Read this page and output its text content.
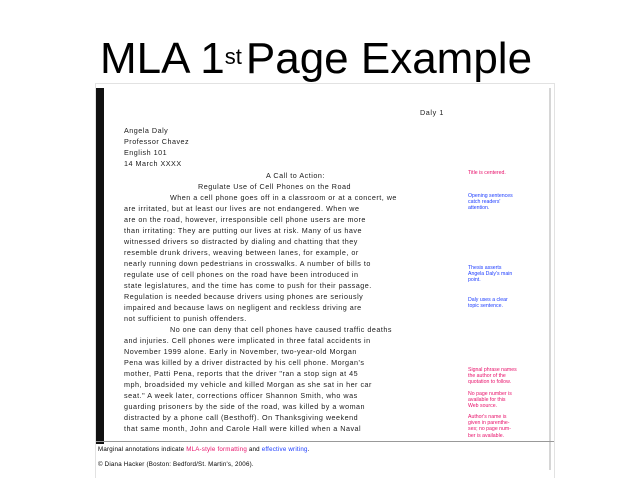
MLA 1stPage Example
Daly 1
Angela Daly
Professor Chavez
English 101
14 March XXXX
A Call to Action:
Regulate Use of Cell Phones on the Road
When a cell phone goes off in a classroom or at a concert, we
are irritated, but at least our lives are not endangered. When we
are on the road, however, irresponsible cell phone users are more
than irritating: They are putting our lives at risk. Many of us have
witnessed drivers so distracted by dialing and chatting that they
resemble drunk drivers, weaving between lanes, for example, or
nearly running down pedestrians in crosswalks. A number of bills to
regulate use of cell phones on the road have been introduced in
state legislatures, and the time has come to push for their passage.
Regulation is needed because drivers using phones are seriously
impaired and because laws on negligent and reckless driving are
not sufficient to punish offenders.
No one can deny that cell phones have caused traffic deaths
and injuries. Cell phones were implicated in three fatal accidents in
November 1999 alone. Early in November, two-year-old Morgan
Pena was killed by a driver distracted by his cell phone. Morgan's
mother, Patti Pena, reports that the driver "ran a stop sign at 45
mph, broadsided my vehicle and killed Morgan as she sat in her car
seat." A week later, corrections officer Shannon Smith, who was
guarding prisoners by the side of the road, was killed by a woman
distracted by a phone call (Besthoff). On Thanksgiving weekend
that same month, John and Carole Hall were killed when a Naval
Title is centered.
Opening sentences
catch readers'
attention.
Thesis asserts
Angela Daly's main
point.
Daly uses a clear
topic sentence.
Signal phrase names
the author of the
quotation to follow.
No page number is
available for this
Web source.
Author's name is
given in parenthe-
ses; no page num-
ber is available.
Marginal annotations indicate MLA-style formatting and effective writing.
© Diana Hacker (Boston: Bedford/St. Martin's, 2006).
